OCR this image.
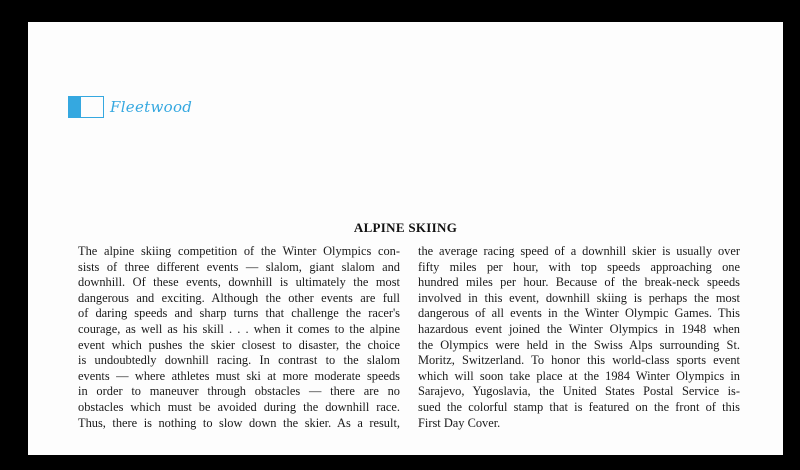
Fleetwood
ALPINE SKIING
The alpine skiing competition of the Winter Olympics con-
sists of three different events — slalom, giant slalom and
downhill. Of these events, downhill is ultimately the most
dangerous and exciting. Although the other events are full
of daring speeds and sharp turns that challenge the racer's
courage, as well as his skill . . . when it comes to the alpine
event which pushes the skier closest to disaster, the choice
is undoubtedly downhill racing. In contrast to the slalom
events — where athletes must ski at more moderate speeds
in order to maneuver through obstacles — there are no
obstacles which must be avoided during the downhill race.
Thus, there is nothing to slow down the skier. As a result,
the average racing speed of a downhill skier is usually over
fifty miles per hour, with top speeds approaching one
hundred miles per hour. Because of the break-neck speeds
involved in this event, downhill skiing is perhaps the most
dangerous of all events in the Winter Olympic Games. This
hazardous event joined the Winter Olympics in 1948 when
the Olympics were held in the Swiss Alps surrounding St.
Moritz, Switzerland. To honor this world-class sports event
which will soon take place at the 1984 Winter Olympics in
Sarajevo, Yugoslavia, the United States Postal Service is-
sued the colorful stamp that is featured on the front of this
First Day Cover.
